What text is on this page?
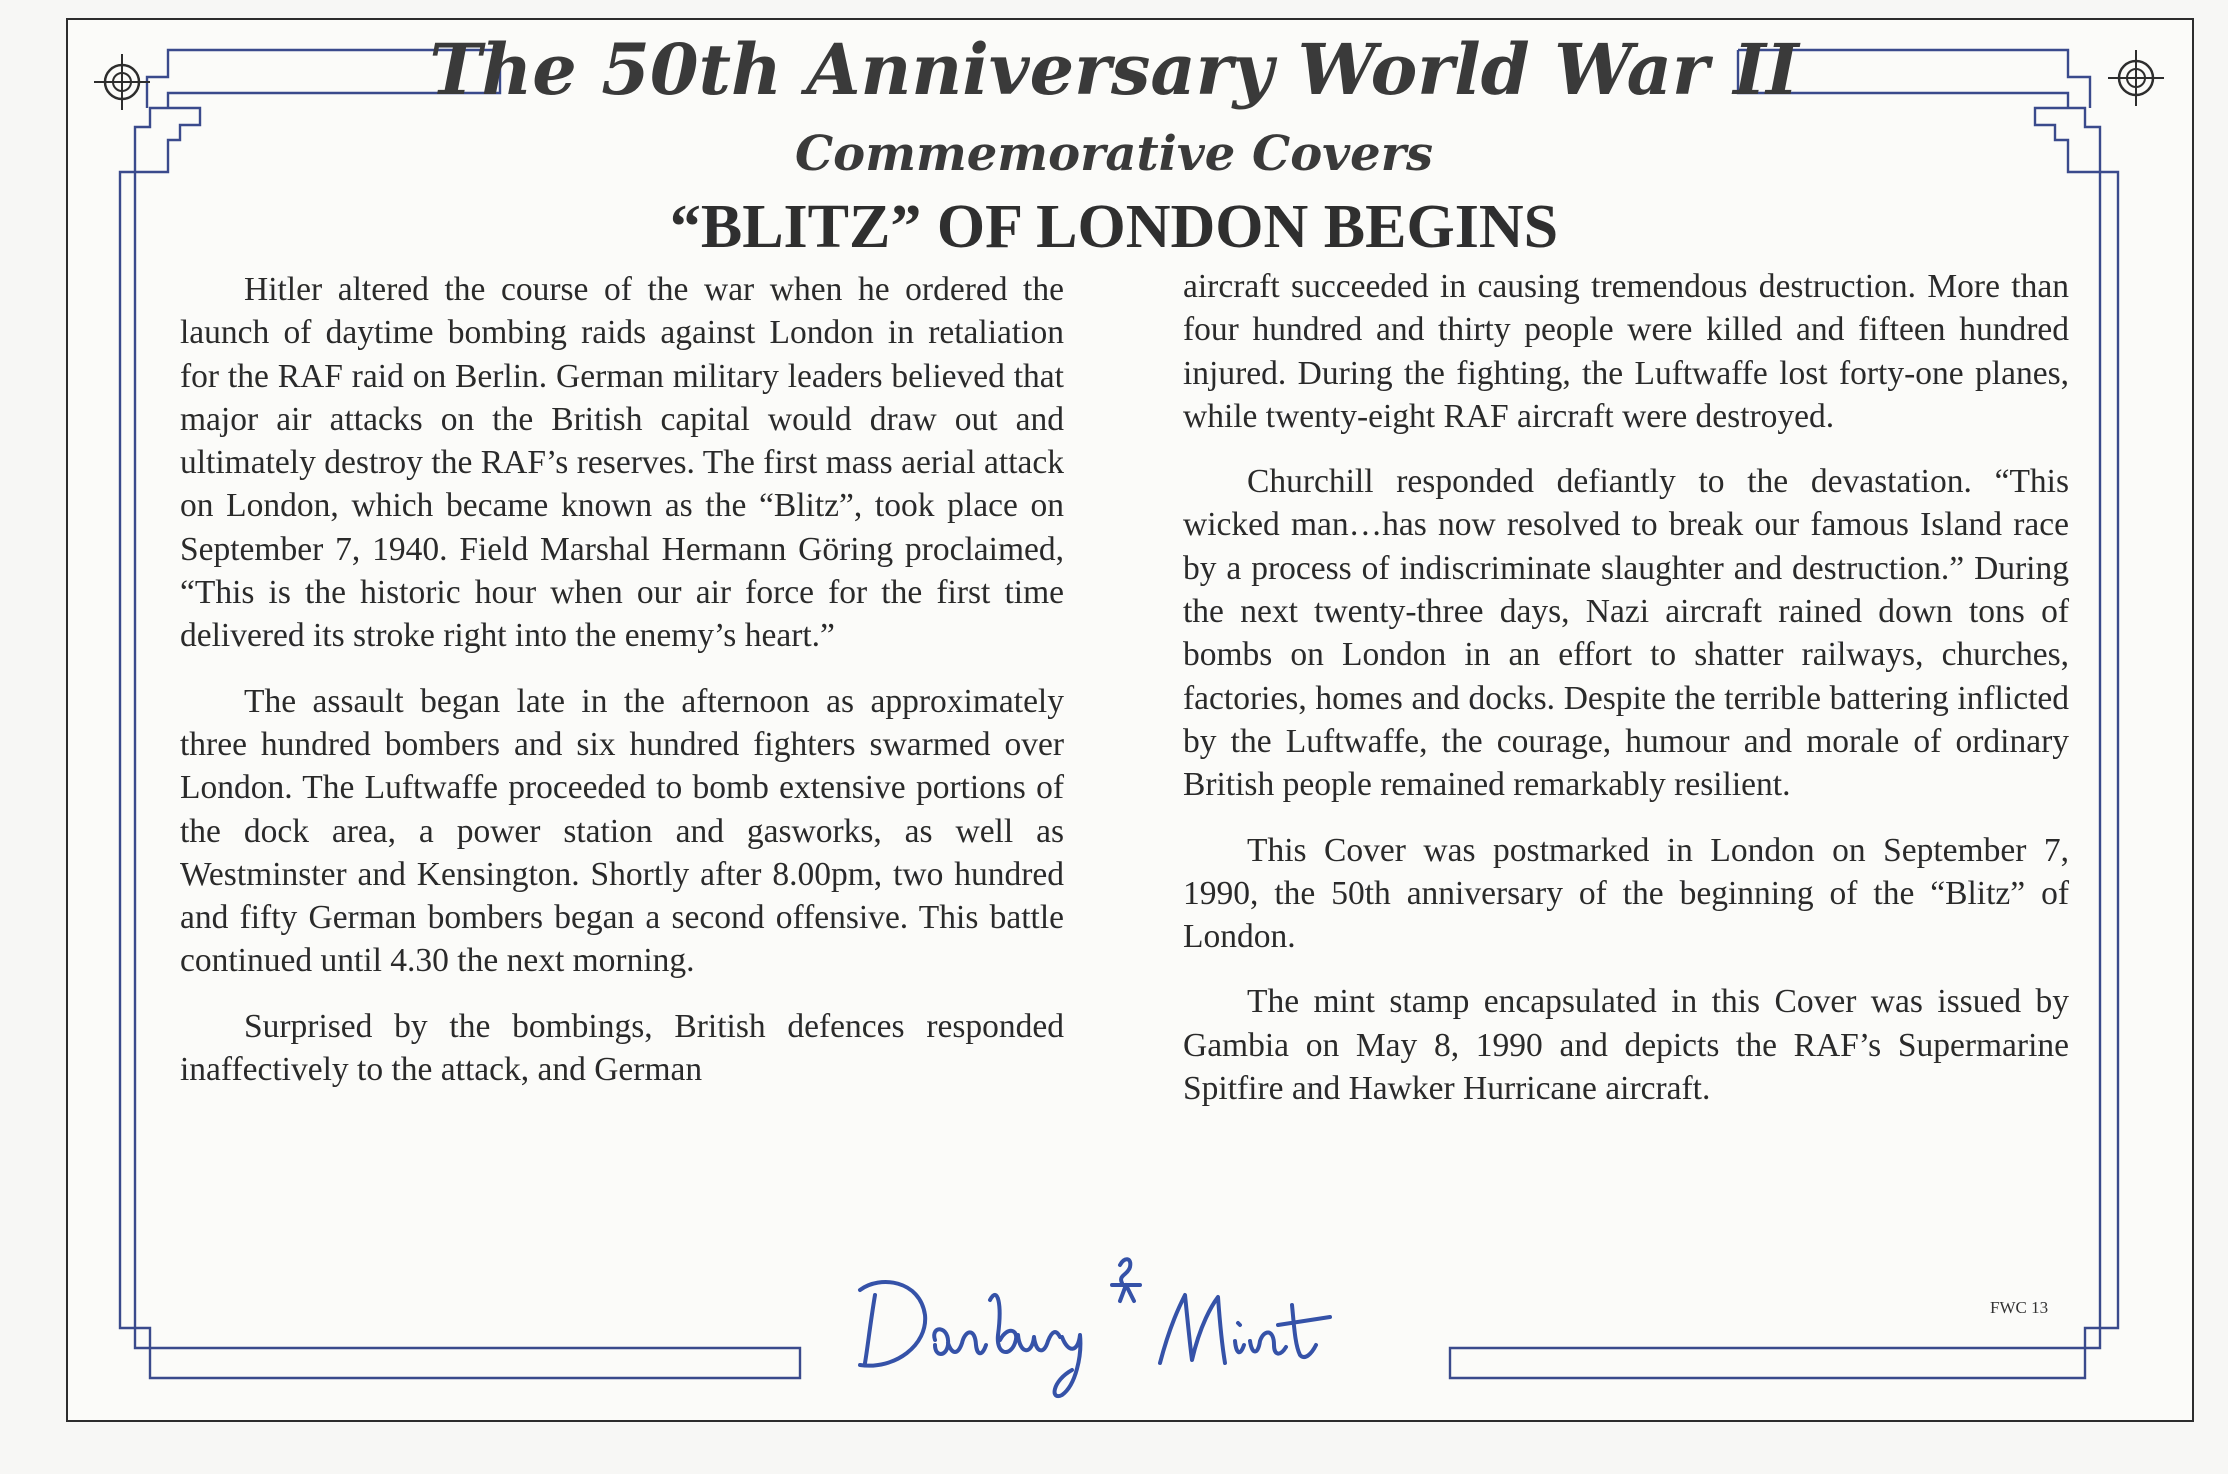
The 50th Anniversary World War II
Commemorative Covers
“BLITZ” OF LONDON BEGINS

Hitler altered the course of the war when he ordered the launch of daytime bombing raids against London in retaliation for the RAF raid on Berlin. German military leaders believed that major air attacks on the British capital would draw out and ultimately destroy the RAF’s reserves. The first mass aerial attack on London, which became known as the “Blitz”, took place on September 7, 1940. Field Marshal Hermann Göring proclaimed, “This is the historic hour when our air force for the first time delivered its stroke right into the enemy’s heart.”

The assault began late in the afternoon as approximately three hundred bombers and six hundred fighters swarmed over London. The Luftwaffe proceeded to bomb extensive portions of the dock area, a power station and gasworks, as well as Westminster and Kensington. Shortly after 8.00pm, two hundred and fifty German bombers began a second offensive. This battle continued until 4.30 the next morning.

Surprised by the bombings, British defences responded inaffectively to the attack, and German

aircraft succeeded in causing tremendous destruction. More than four hundred and thirty people were killed and fifteen hundred injured. During the fighting, the Luftwaffe lost forty-one planes, while twenty-eight RAF aircraft were destroyed.

Churchill responded defiantly to the devastation. “This wicked man…has now resolved to break our famous Island race by a process of indiscriminate slaughter and destruction.” During the next twenty-three days, Nazi aircraft rained down tons of bombs on London in an effort to shatter railways, churches, factories, homes and docks. Despite the terrible battering inflicted by the Luftwaffe, the courage, humour and morale of ordinary British people remained remarkably resilient.

This Cover was postmarked in London on September 7, 1990, the 50th anniversary of the beginning of the “Blitz” of London.

The mint stamp encapsulated in this Cover was issued by Gambia on May 8, 1990 and depicts the RAF’s Supermarine Spitfire and Hawker Hurricane aircraft.

FWC 13
